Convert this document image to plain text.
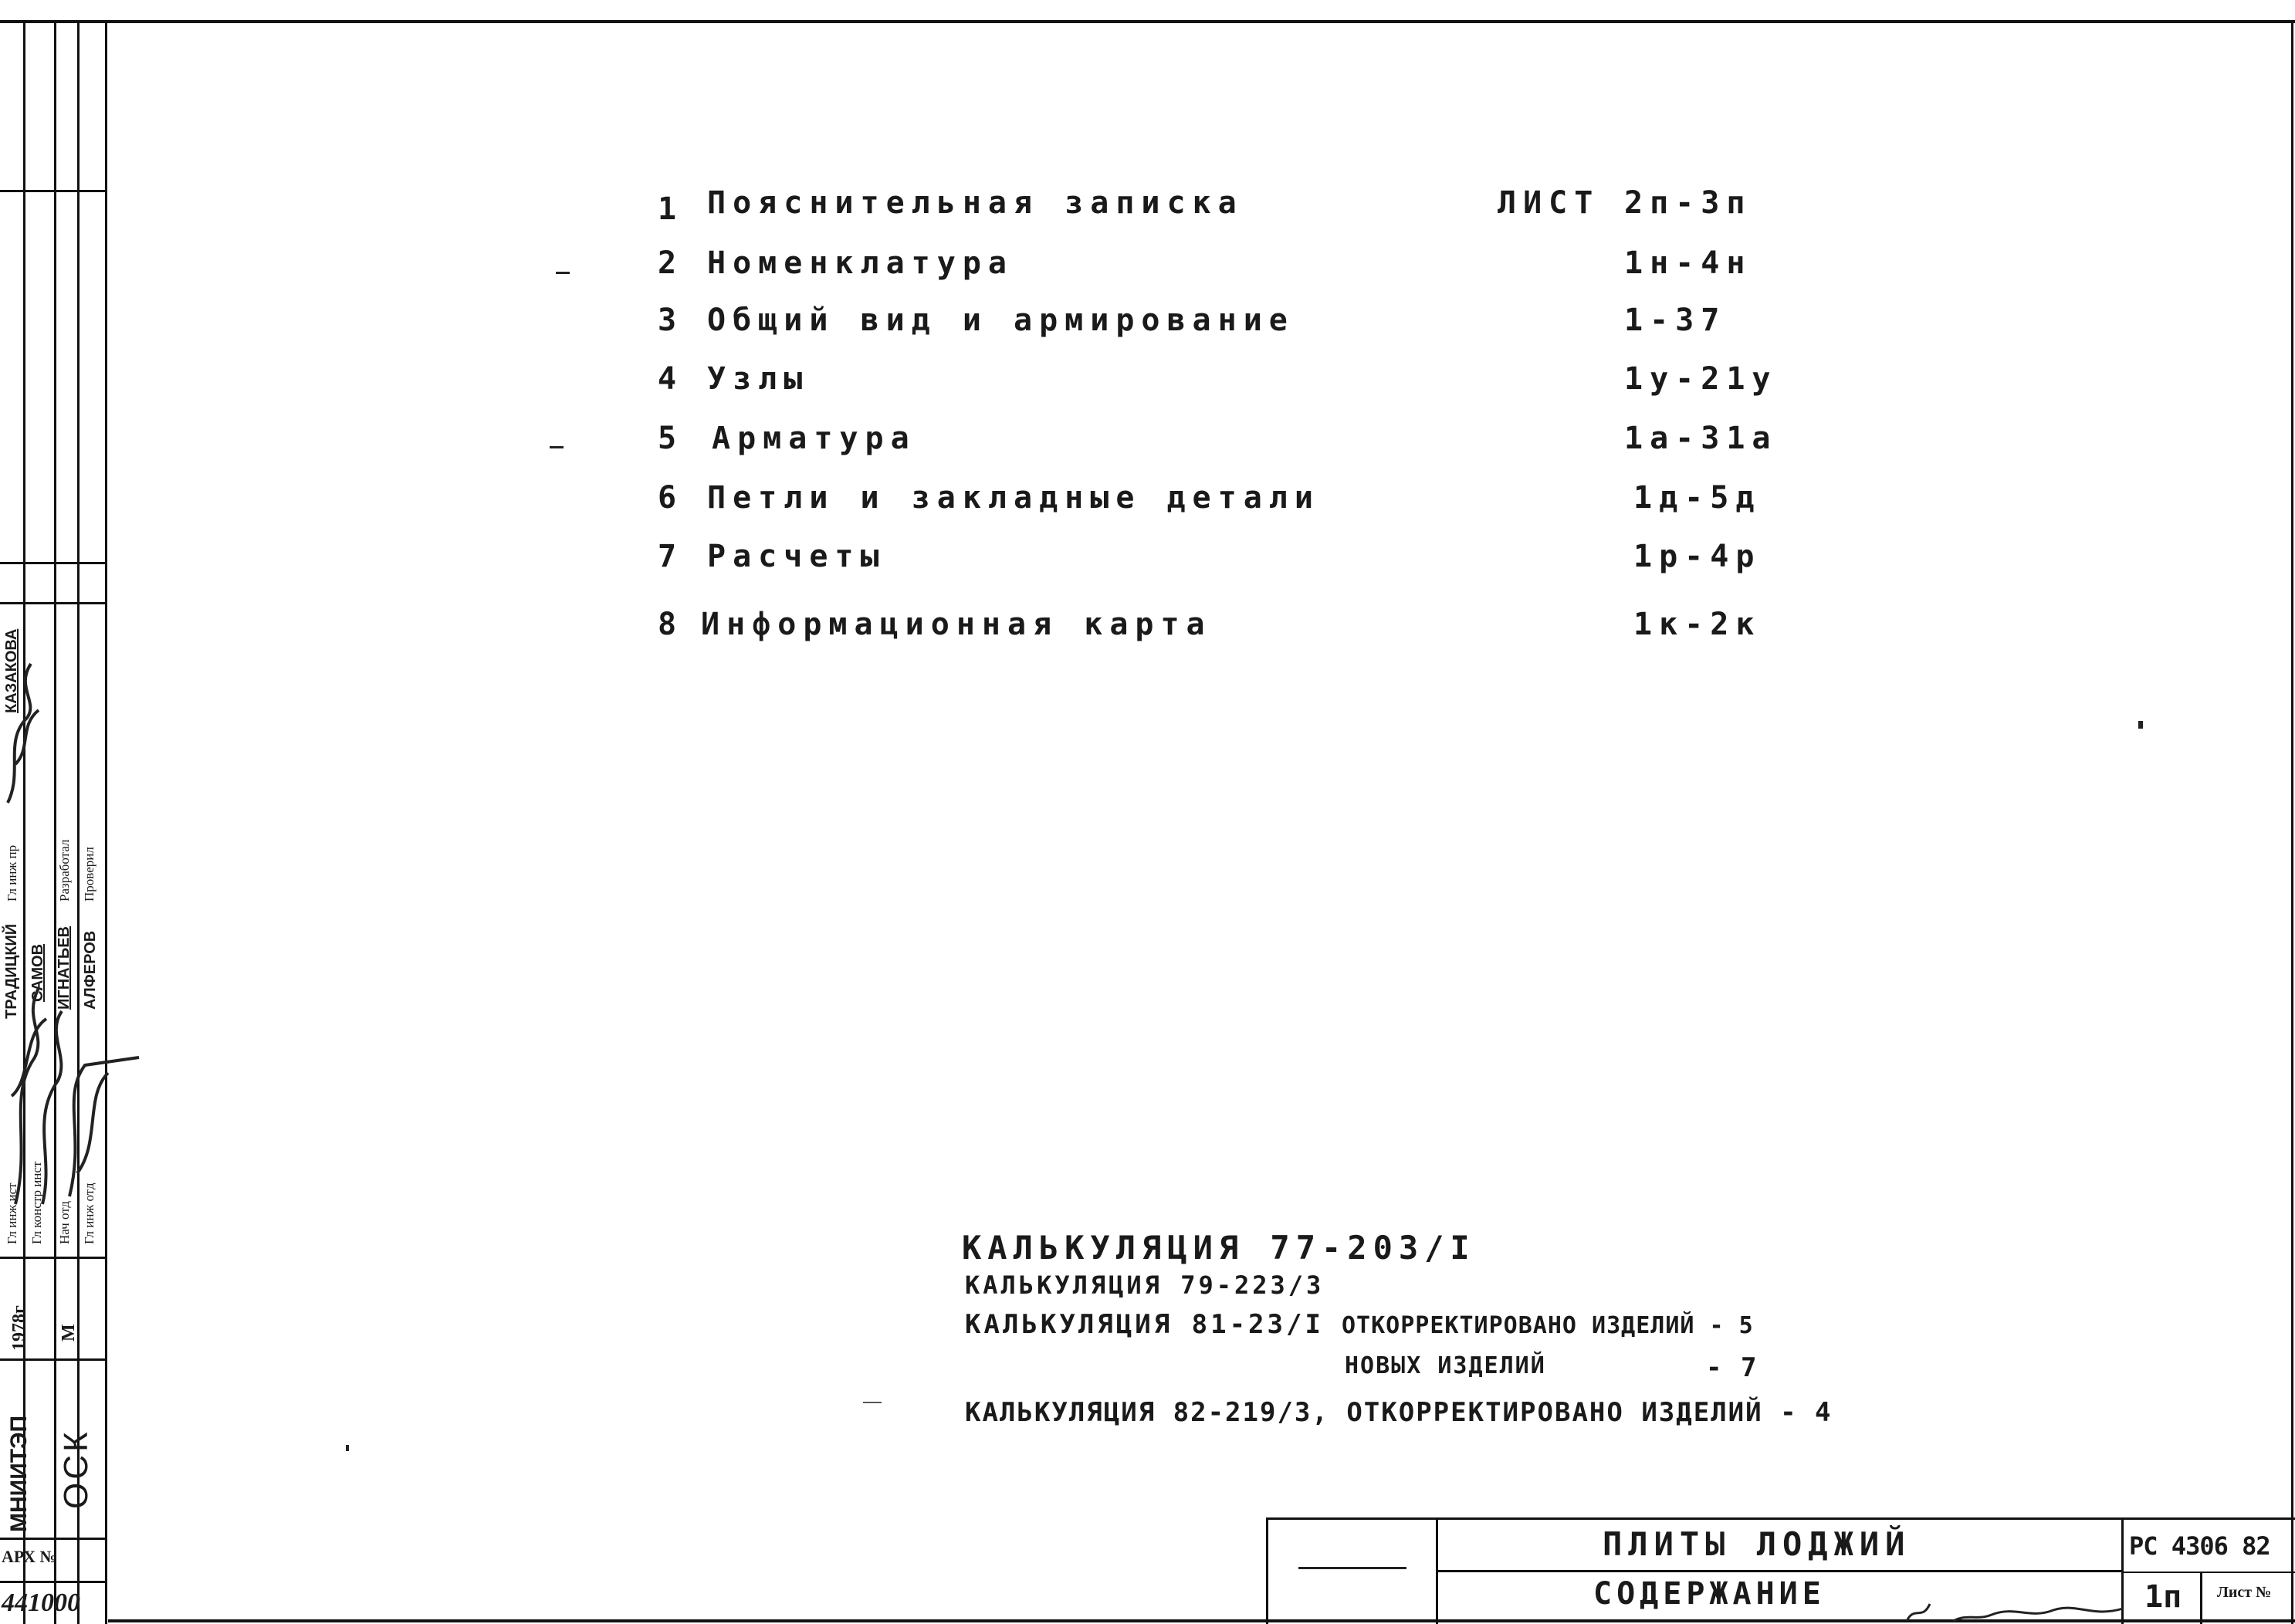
МНИИТЭП ОСК
1978г М
Гл инж ист Гл констр инст Нач отд Гл инж отд
Гл инж пр	Разработал Проверил
КАЗАКОВА
САМОВ ИГНАТЬЕВ АЛФЕРОВ
ТРАДИЦКИЙ
АРХ №
441000
ЛИСТ
1 Пояснительная записка	2п-3п
2 Номенклатура	1н-4н
3 Общий вид и армирование	1-37
4 Узлы	1у-21у
5 Арматура	1а-31а
6 Петли и закладные детали	1д-5д
7 Расчеты	1р-4р
8 Информационная карта	1к-2к
КАЛЬКУЛЯЦИЯ 77-203/I
КАЛЬКУЛЯЦИЯ 79-223/3
КАЛЬКУЛЯЦИЯ 81-23/I ОТКОРРЕКТИРОВАНО ИЗДЕЛИЙ - 5
НОВЫХ ИЗДЕЛИЙ	- 7
КАЛЬКУЛЯЦИЯ 82-219/3, ОТКОРРЕКТИРОВАНО ИЗДЕЛИЙ - 4
ПЛИТЫ ЛОДЖИЙ
СОДЕРЖАНИЕ
РС 4306 82
1п Лист №
